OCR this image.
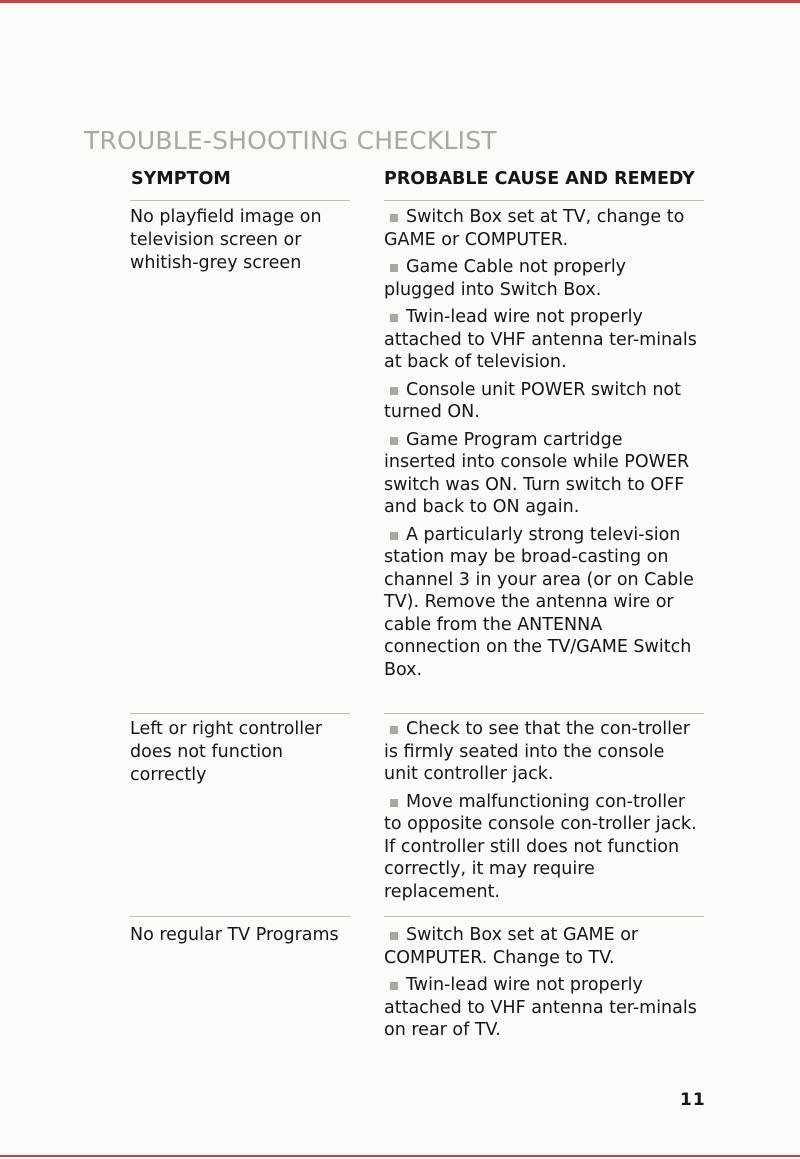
TROUBLE-SHOOTING CHECKLIST
SYMPTOM	PROBABLE CAUSE AND REMEDY
No playfield image on television screen or whitish-grey screen
Switch Box set at TV, change to GAME or COMPUTER.
Game Cable not properly plugged into Switch Box.
Twin-lead wire not properly attached to VHF antenna ter-minals at back of television.
Console unit POWER switch not turned ON.
Game Program cartridge inserted into console while POWER switch was ON. Turn switch to OFF and back to ON again.
A particularly strong televi-sion station may be broad-casting on channel 3 in your area (or on Cable TV). Remove the antenna wire or cable from the ANTENNA connection on the TV/GAME Switch Box.
Left or right controller does not function correctly
Check to see that the con-troller is firmly seated into the console unit controller jack.
Move malfunctioning con-troller to opposite console con-troller jack. If controller still does not function correctly, it may require replacement.
No regular TV Programs	Switch Box set at GAME or COMPUTER. Change to TV.
Twin-lead wire not properly attached to VHF antenna ter-minals on rear of TV.
11
